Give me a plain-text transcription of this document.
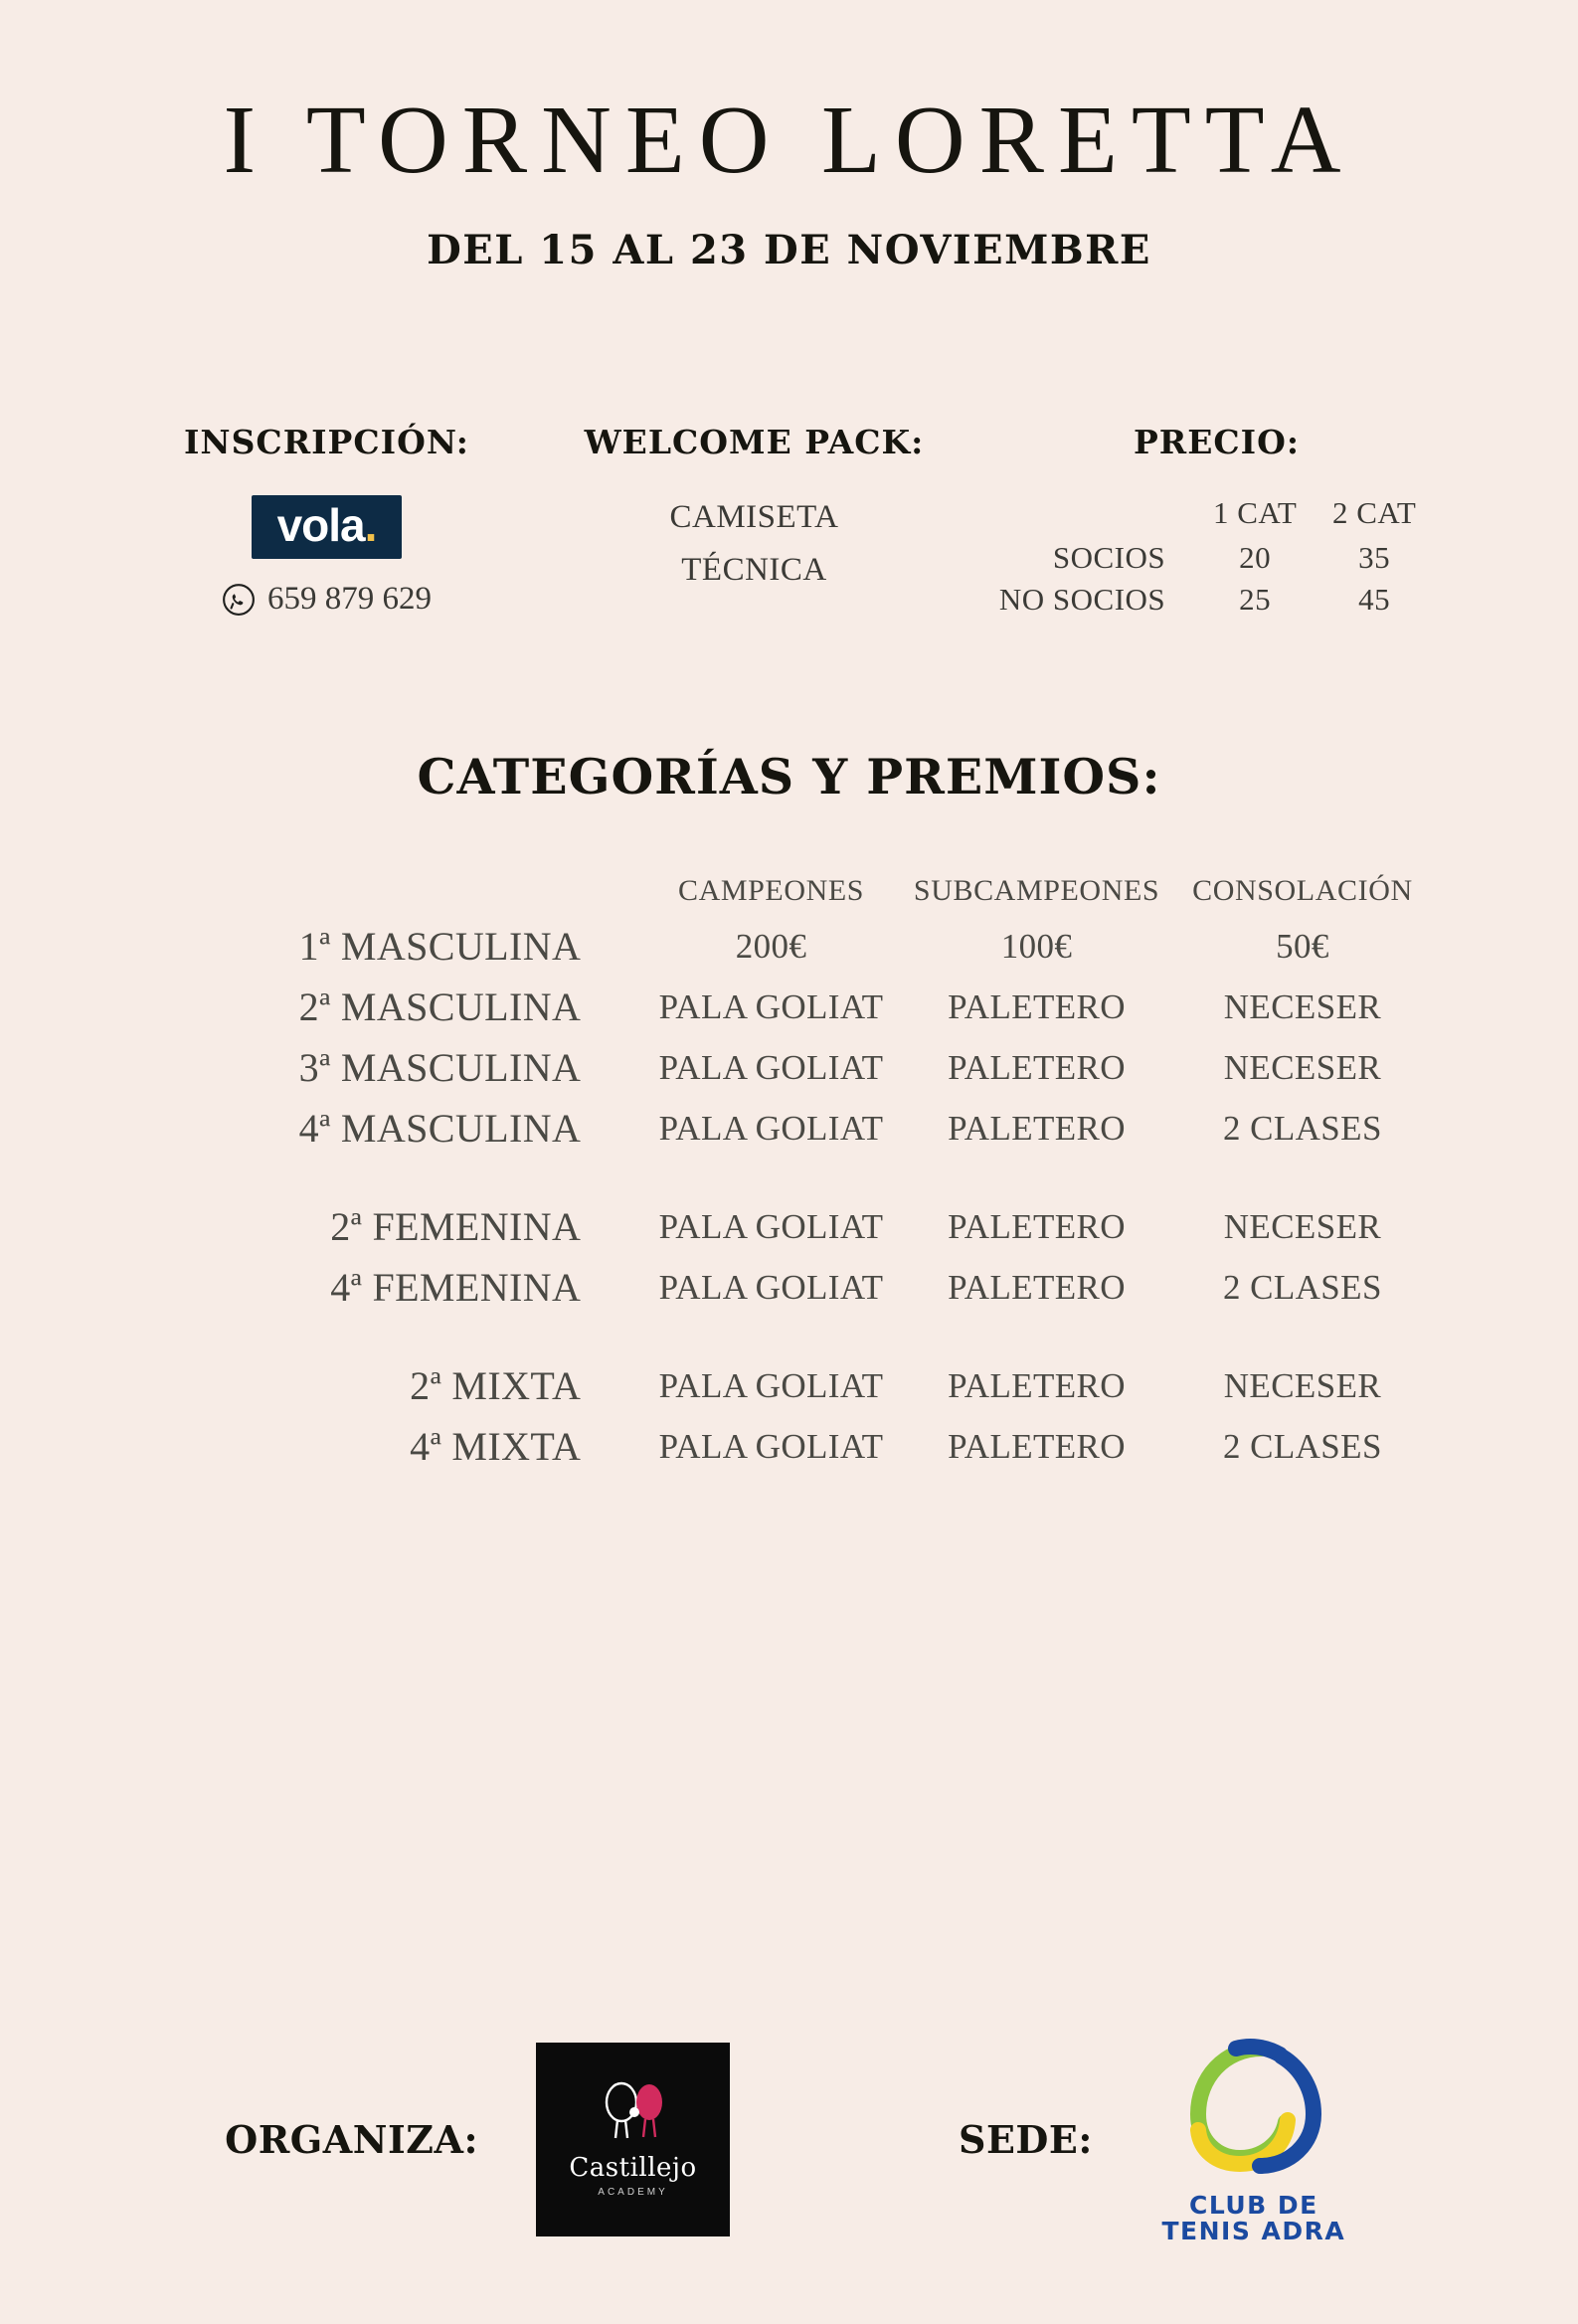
I TORNEO LORETTA
DEL 15 AL 23 DE NOVIEMBRE
INSCRIPCIÓN:
vola.
659 879 629
WELCOME PACK:
CAMISETA
TÉCNICA
PRECIO:
	1 CAT	2 CAT
SOCIOS	20	35
NO SOCIOS	25	45
CATEGORÍAS Y PREMIOS:
	CAMPEONES	SUBCAMPEONES	CONSOLACIÓN
1ª MASCULINA	200€	100€	50€
2ª MASCULINA	PALA GOLIAT	PALETERO	NECESER
3ª MASCULINA	PALA GOLIAT	PALETERO	NECESER
4ª MASCULINA	PALA GOLIAT	PALETERO	2 CLASES

2ª FEMENINA	PALA GOLIAT	PALETERO	NECESER
4ª FEMENINA	PALA GOLIAT	PALETERO	2 CLASES

2ª MIXTA	PALA GOLIAT	PALETERO	NECESER
4ª MIXTA	PALA GOLIAT	PALETERO	2 CLASES
ORGANIZA:
Castillejo
ACADEMY
SEDE:
CLUB DE
TENIS ADRA
